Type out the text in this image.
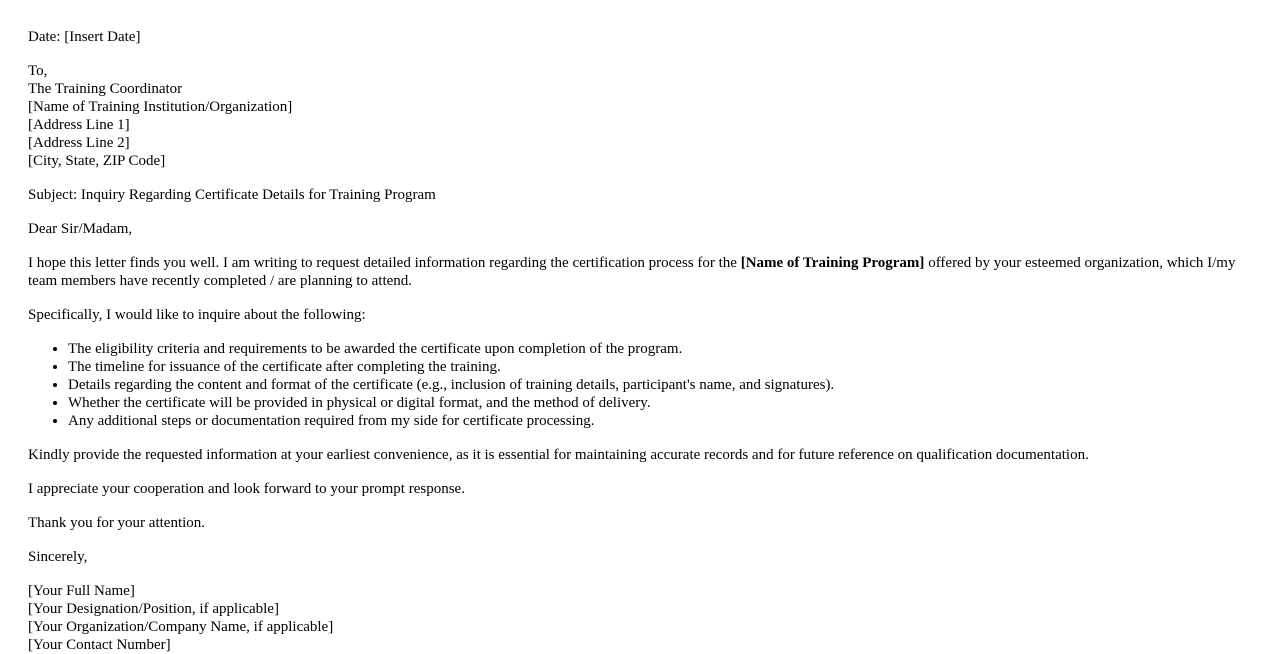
Date: [Insert Date]

To,
The Training Coordinator
[Name of Training Institution/Organization]
[Address Line 1]
[Address Line 2]
[City, State, ZIP Code]

Subject: Inquiry Regarding Certificate Details for Training Program

Dear Sir/Madam,

I hope this letter finds you well. I am writing to request detailed information regarding the certification process for the [Name of Training Program] offered by your esteemed organization, which I/my team members have recently completed / are planning to attend.

Specifically, I would like to inquire about the following:

• The eligibility criteria and requirements to be awarded the certificate upon completion of the program.
• The timeline for issuance of the certificate after completing the training.
• Details regarding the content and format of the certificate (e.g., inclusion of training details, participant's name, and signatures).
• Whether the certificate will be provided in physical or digital format, and the method of delivery.
• Any additional steps or documentation required from my side for certificate processing.

Kindly provide the requested information at your earliest convenience, as it is essential for maintaining accurate records and for future reference on qualification documentation.

I appreciate your cooperation and look forward to your prompt response.

Thank you for your attention.

Sincerely,

[Your Full Name]
[Your Designation/Position, if applicable]
[Your Organization/Company Name, if applicable]
[Your Contact Number]
